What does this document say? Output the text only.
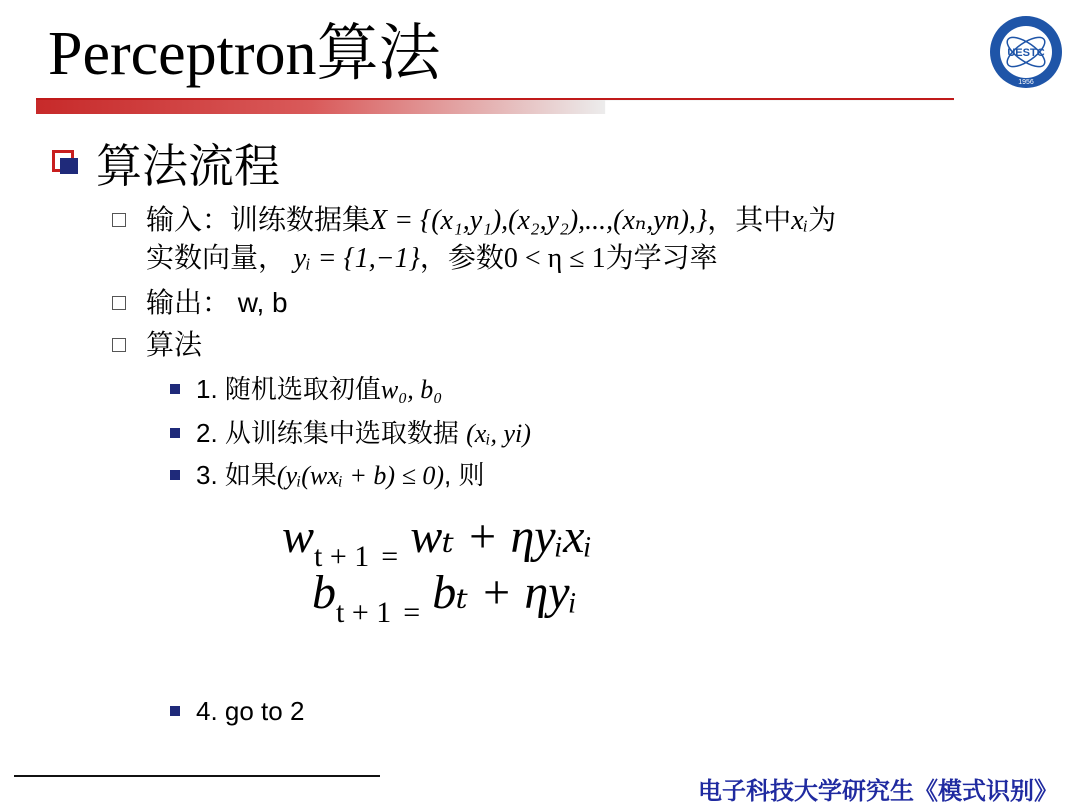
Perceptron算法	UESTC
1956
算法流程
输入：训练数据集X = {(x₁,y₁),(x₂,y₂),...,(xₙ,yn),}，其中xᵢ为
实数向量， yᵢ = {1,−1}，参数0 < η ≤ 1为学习率
输出： w, b
算法
1. 随机选取初值w₀, b₀
2. 从训练集中选取数据 (xᵢ, yi)
3. 如果(yᵢ(wxᵢ + b) ≤ 0), 则
$w_{t + 1}$ $_=$ wₜ + ηyᵢxᵢ
$b_{t + 1}$ $_=$ bₜ + ηyᵢ
4. go to 2
电子科技大学研究生《模式识别》
